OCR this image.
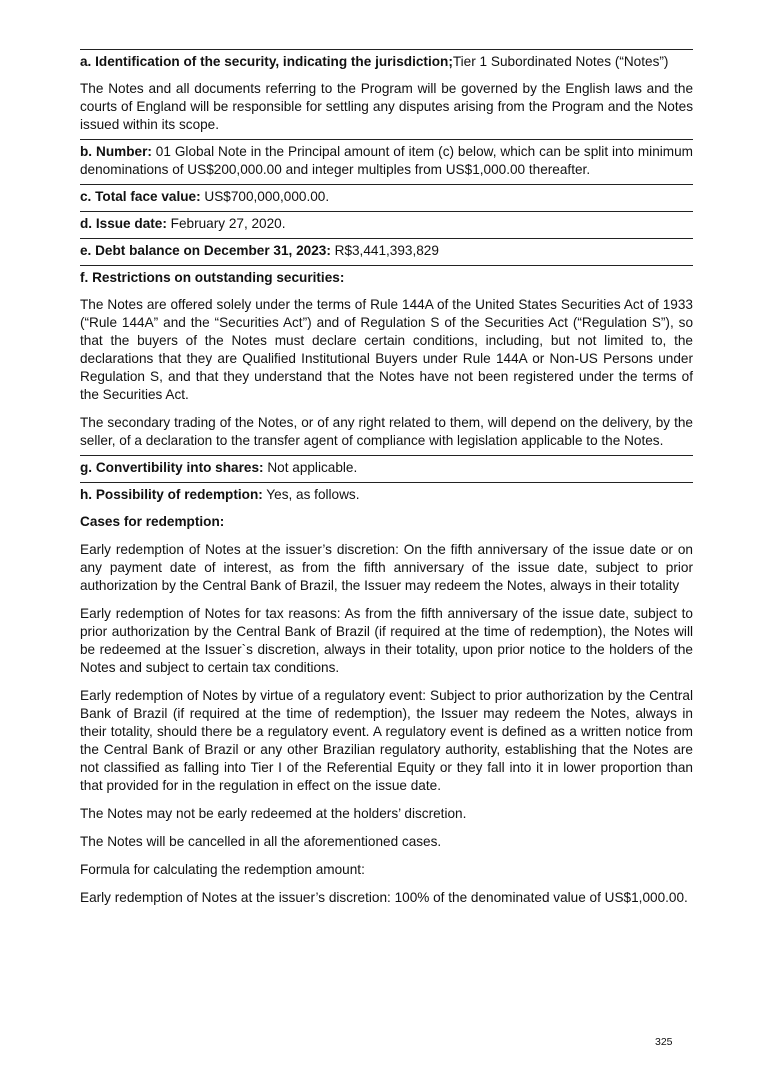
a. Identification of the security, indicating the jurisdiction;Tier 1 Subordinated Notes (“Notes”)

The Notes and all documents referring to the Program will be governed by the English laws and the courts of England will be responsible for settling any disputes arising from the Program and the Notes issued within its scope.

b. Number: 01 Global Note in the Principal amount of item (c) below, which can be split into minimum denominations of US$200,000.00 and integer multiples from US$1,000.00 thereafter.

c. Total face value: US$700,000,000.00.

d. Issue date: February 27, 2020.

e. Debt balance on December 31, 2023: R$3,441,393,829

f. Restrictions on outstanding securities:

The Notes are offered solely under the terms of Rule 144A of the United States Securities Act of 1933 (“Rule 144A” and the “Securities Act”) and of Regulation S of the Securities Act (“Regulation S”), so that the buyers of the Notes must declare certain conditions, including, but not limited to, the declarations that they are Qualified Institutional Buyers under Rule 144A or Non-US Persons under Regulation S, and that they understand that the Notes have not been registered under the terms of the Securities Act.

The secondary trading of the Notes, or of any right related to them, will depend on the delivery, by the seller, of a declaration to the transfer agent of compliance with legislation applicable to the Notes.

g. Convertibility into shares: Not applicable.

h. Possibility of redemption: Yes, as follows.

Cases for redemption:

Early redemption of Notes at the issuer’s discretion: On the fifth anniversary of the issue date or on any payment date of interest, as from the fifth anniversary of the issue date, subject to prior authorization by the Central Bank of Brazil, the Issuer may redeem the Notes, always in their totality

Early redemption of Notes for tax reasons: As from the fifth anniversary of the issue date, subject to prior authorization by the Central Bank of Brazil (if required at the time of redemption), the Notes will be redeemed at the Issuer`s discretion, always in their totality, upon prior notice to the holders of the Notes and subject to certain tax conditions.

Early redemption of Notes by virtue of a regulatory event: Subject to prior authorization by the Central Bank of Brazil (if required at the time of redemption), the Issuer may redeem the Notes, always in their totality, should there be a regulatory event. A regulatory event is defined as a written notice from the Central Bank of Brazil or any other Brazilian regulatory authority, establishing that the Notes are not classified as falling into Tier I of the Referential Equity or they fall into it in lower proportion than that provided for in the regulation in effect on the issue date.

The Notes may not be early redeemed at the holders’ discretion.

The Notes will be cancelled in all the aforementioned cases.

Formula for calculating the redemption amount:

Early redemption of Notes at the issuer’s discretion: 100% of the denominated value of US$1,000.00.

325
